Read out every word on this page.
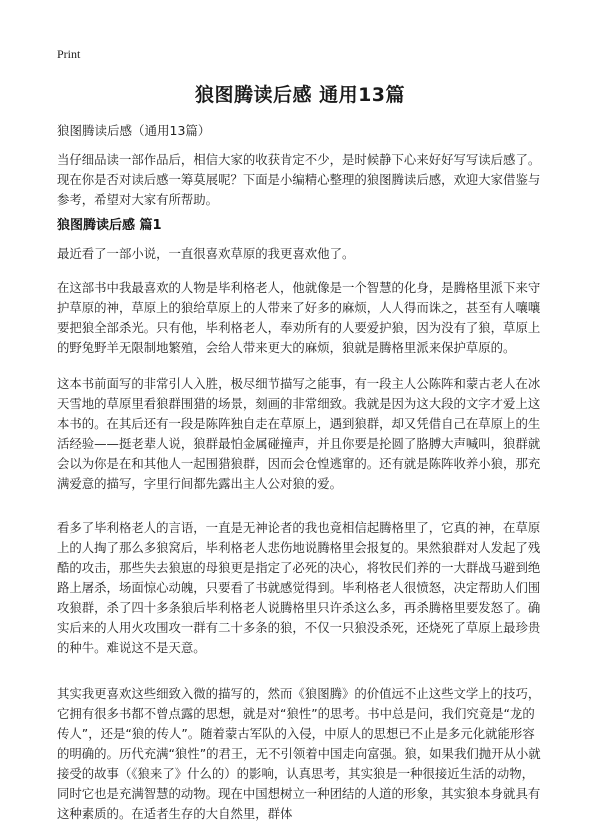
Print
狼图腾读后感 通用13篇
狼图腾读后感（通用13篇）

当仔细品读一部作品后，相信大家的收获肯定不少，是时候静下心来好好写写读后感了。现在你是否对读后感一筹莫展呢？下面是小编精心整理的狼图腾读后感，欢迎大家借鉴与参考，希望对大家有所帮助。

狼图腾读后感 篇1

最近看了一部小说，一直很喜欢草原的我更喜欢他了。

在这部书中我最喜欢的人物是毕利格老人，他就像是一个智慧的化身，是腾格里派下来守护草原的神，草原上的狼给草原上的人带来了好多的麻烦，人人得而诛之，甚至有人嚷嚷要把狼全部杀光。只有他，毕利格老人，奉劝所有的人要爱护狼，因为没有了狼，草原上的野兔野羊无限制地繁殖，会给人带来更大的麻烦，狼就是腾格里派来保护草原的。

这本书前面写的非常引人入胜，极尽细节描写之能事，有一段主人公陈阵和蒙古老人在冰天雪地的草原里看狼群围猎的场景，刻画的非常细致。我就是因为这大段的文字才爱上这本书的。在其后还有一段是陈阵独自走在草原上，遇到狼群，却又凭借自己在草原上的生活经验——挺老辈人说，狼群最怕金属碰撞声，并且你要是抡圆了胳膊大声喊叫，狼群就会以为你是在和其他人一起围猎狼群，因而会仓惶逃窜的。还有就是陈阵收养小狼，那充满爱意的描写，字里行间都先露出主人公对狼的爱。

看多了毕利格老人的言语，一直是无神论者的我也竟相信起腾格里了，它真的神，在草原上的人掏了那么多狼窝后，毕利格老人悲伤地说腾格里会报复的。果然狼群对人发起了残酷的攻击，那些失去狼崽的母狼更是指定了必死的决心，将牧民们养的一大群战马避到绝路上屠杀，场面惊心动魄，只要看了书就感觉得到。毕利格老人很愤怒，决定帮助人们围攻狼群，杀了四十多条狼后毕利格老人说腾格里只许杀这么多，再杀腾格里要发怒了。确实后来的人用火攻围攻一群有二十多条的狼，不仅一只狼没杀死，还烧死了草原上最珍贵的种牛。难说这不是天意。

其实我更喜欢这些细致入微的描写的，然而《狼图腾》的价值远不止这些文学上的技巧，它拥有很多书都不曾点露的思想，就是对“狼性”的思考。书中总是问，我们究竟是“龙的传人”，还是“狼的传人”。随着蒙古军队的入侵，中原人的思想已不止是多元化就能形容的明确的。历代充满“狼性”的君王，无不引领着中国走向富强。狼，如果我们抛开从小就接受的故事（《狼来了》什么的）的影响，认真思考，其实狼是一种很接近生活的动物，同时它也是充满智慧的动物。现在中国想树立一种团结的人道的形象，其实狼本身就具有这种素质的。在适者生存的大自然里，群体
